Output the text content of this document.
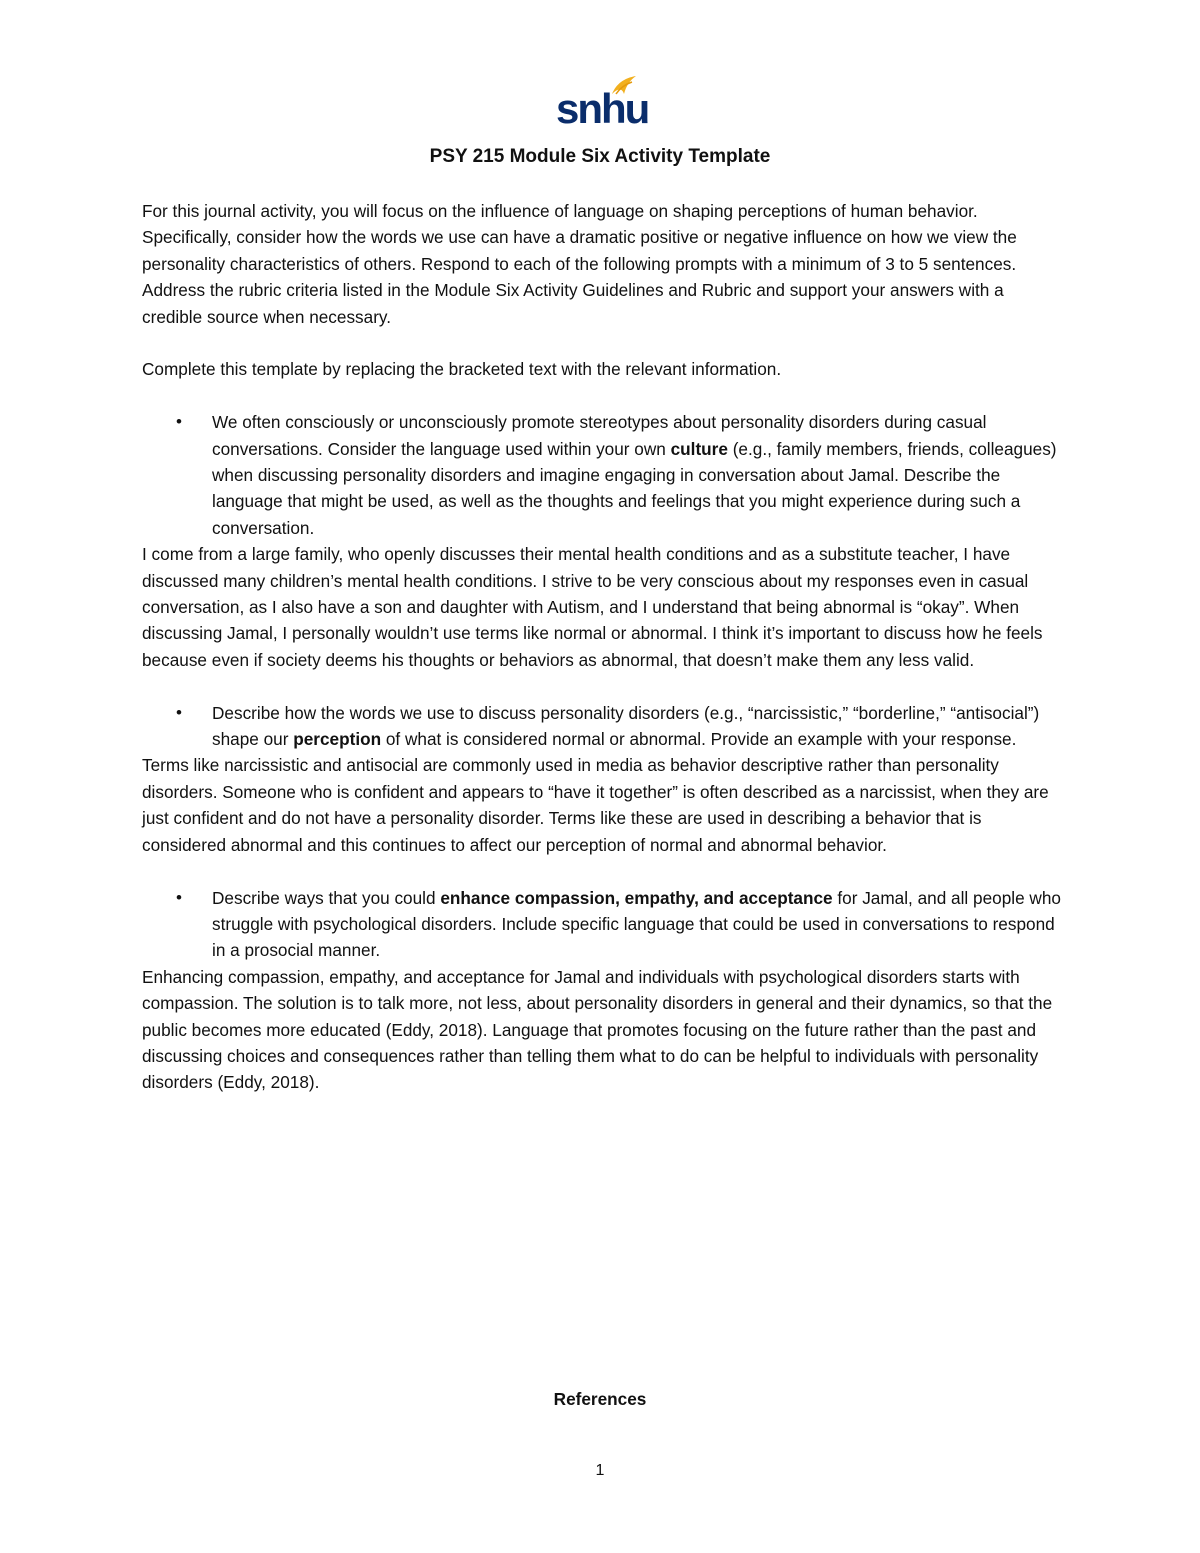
snhu
PSY 215 Module Six Activity Template

For this journal activity, you will focus on the influence of language on shaping perceptions of human behavior. Specifically, consider how the words we use can have a dramatic positive or negative influence on how we view the personality characteristics of others. Respond to each of the following prompts with a minimum of 3 to 5 sentences. Address the rubric criteria listed in the Module Six Activity Guidelines and Rubric and support your answers with a credible source when necessary.

Complete this template by replacing the bracketed text with the relevant information.

•	We often consciously or unconsciously promote stereotypes about personality disorders during casual conversations. Consider the language used within your own culture (e.g., family members, friends, colleagues) when discussing personality disorders and imagine engaging in conversation about Jamal. Describe the language that might be used, as well as the thoughts and feelings that you might experience during such a conversation.

I come from a large family, who openly discusses their mental health conditions and as a substitute teacher, I have discussed many children’s mental health conditions. I strive to be very conscious about my responses even in casual conversation, as I also have a son and daughter with Autism, and I understand that being abnormal is “okay”. When discussing Jamal, I personally wouldn’t use terms like normal or abnormal. I think it’s important to discuss how he feels because even if society deems his thoughts or behaviors as abnormal, that doesn’t make them any less valid.

•	Describe how the words we use to discuss personality disorders (e.g., “narcissistic,” “borderline,” “antisocial”) shape our perception of what is considered normal or abnormal. Provide an example with your response.

Terms like narcissistic and antisocial are commonly used in media as behavior descriptive rather than personality disorders. Someone who is confident and appears to “have it together” is often described as a narcissist, when they are just confident and do not have a personality disorder. Terms like these are used in describing a behavior that is considered abnormal and this continues to affect our perception of normal and abnormal behavior.

•	Describe ways that you could enhance compassion, empathy, and acceptance for Jamal, and all people who struggle with psychological disorders. Include specific language that could be used in conversations to respond in a prosocial manner.

Enhancing compassion, empathy, and acceptance for Jamal and individuals with psychological disorders starts with compassion. The solution is to talk more, not less, about personality disorders in general and their dynamics, so that the public becomes more educated (Eddy, 2018). Language that promotes focusing on the future rather than the past and discussing choices and consequences rather than telling them what to do can be helpful to individuals with personality disorders (Eddy, 2018).

References
1
